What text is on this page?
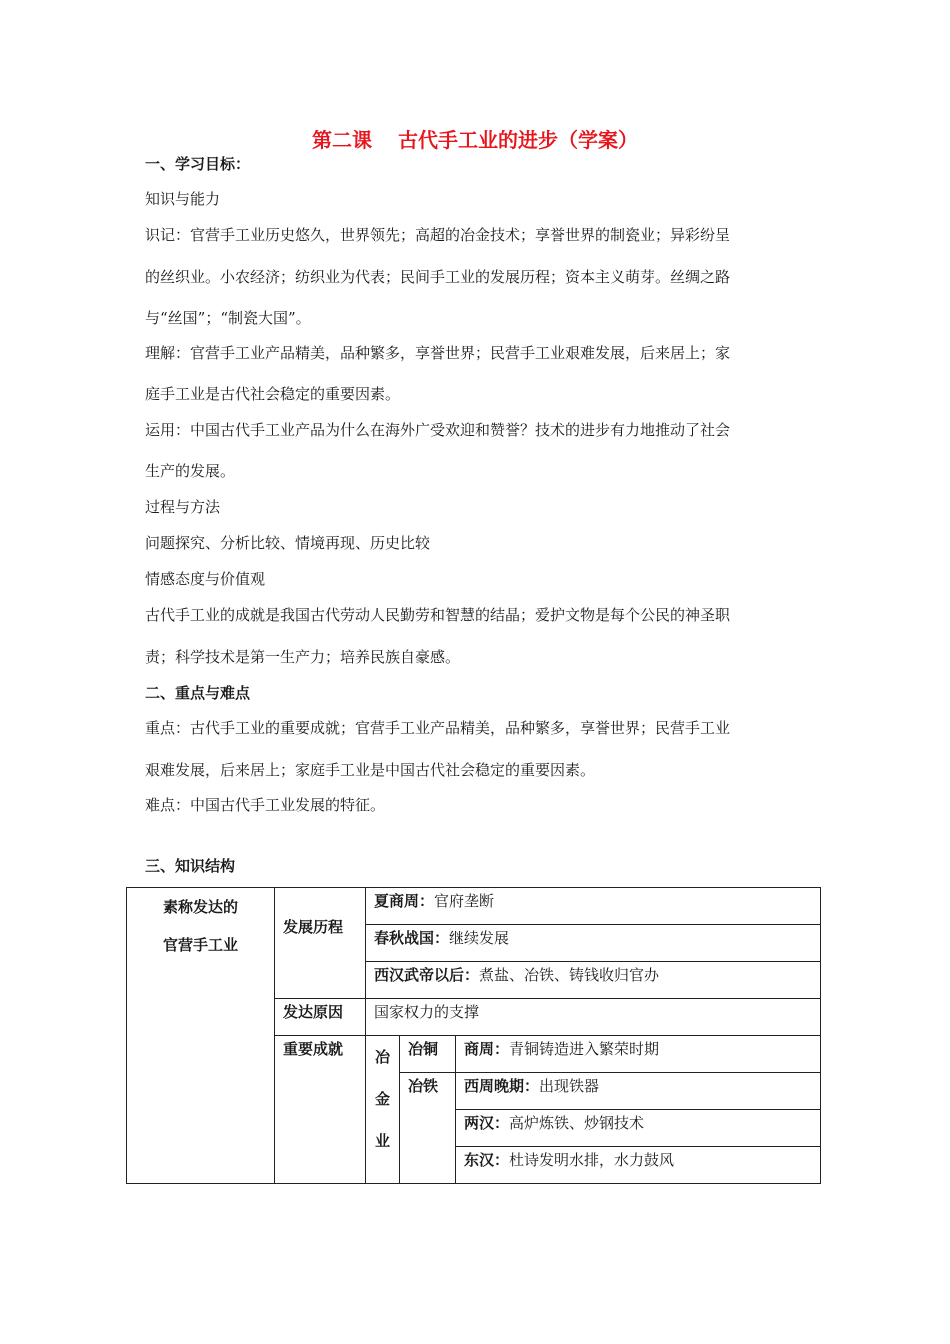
第二课 古代手工业的进步（学案）
一、学习目标：
知识与能力
识记：官营手工业历史悠久，世界领先；高超的冶金技术；享誉世界的制瓷业；异彩纷呈
的丝织业。小农经济；纺织业为代表；民间手工业的发展历程；资本主义萌芽。丝绸之路
与“丝国”；“制瓷大国”。
理解：官营手工业产品精美，品种繁多，享誉世界；民营手工业艰难发展，后来居上；家
庭手工业是古代社会稳定的重要因素。
运用：中国古代手工业产品为什么在海外广受欢迎和赞誉？技术的进步有力地推动了社会
生产的发展。
过程与方法
问题探究、分析比较、情境再现、历史比较
情感态度与价值观
古代手工业的成就是我国古代劳动人民勤劳和智慧的结晶；爱护文物是每个公民的神圣职
责；科学技术是第一生产力；培养民族自豪感。
二、重点与难点
重点：古代手工业的重要成就；官营手工业产品精美，品种繁多，享誉世界；民营手工业
艰难发展，后来居上；家庭手工业是中国古代社会稳定的重要因素。
难点：中国古代手工业发展的特征。
三、知识结构
素称发达的
官营手工业	发展历程	夏商周：官府垄断		
		春秋战国：继续发展		
		西汉武帝以后：煮盐、冶铁、铸钱收归官办		
	发达原因	国家权力的支撑		
	重要成就	冶
金
业	冶铜	商周：青铜铸造进入繁荣时期
			冶铁	西周晚期：出现铁器
				两汉：高炉炼铁、炒钢技术
				东汉：杜诗发明水排，水力鼓风
